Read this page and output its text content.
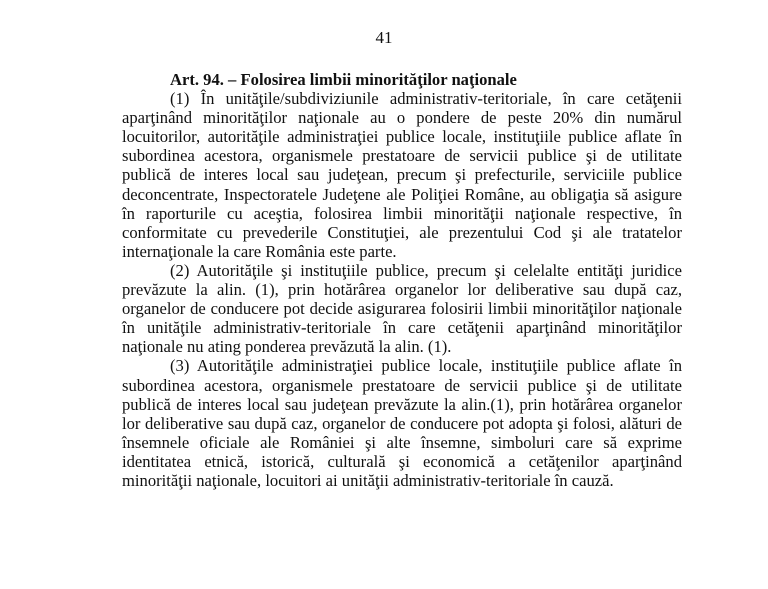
41

Art. 94. – Folosirea limbii minorităţilor naţionale

(1) În unităţile/subdiviziunile administrativ-teritoriale, în care cetăţenii aparţinând minorităţilor naţionale au o pondere de peste 20% din numărul locuitorilor, autorităţile administraţiei publice locale, instituţiile publice aflate în subordinea acestora, organismele prestatoare de servicii publice şi de utilitate publică de interes local sau judeţean, precum şi prefecturile, serviciile publice deconcentrate, Inspectoratele Judeţene ale Poliţiei Române, au obligaţia să asigure în raporturile cu aceştia, folosirea limbii minorităţii naţionale respective, în conformitate cu prevederile Constituţiei, ale prezentului Cod şi ale tratatelor internaţionale la care România este parte.

(2) Autorităţile şi instituţiile publice, precum şi celelalte entităţi juridice prevăzute la alin. (1), prin hotărârea organelor lor deliberative sau după caz, organelor de conducere pot decide asigurarea folosirii limbii minorităţilor naţionale în unităţile administrativ-teritoriale în care cetăţenii aparţinând minorităţilor naţionale nu ating ponderea prevăzută la alin. (1).

(3) Autorităţile administraţiei publice locale, instituţiile publice aflate în subordinea acestora, organismele prestatoare de servicii publice şi de utilitate publică de interes local sau judeţean prevăzute la alin.(1), prin hotărârea organelor lor deliberative sau după caz, organelor de conducere pot adopta şi folosi, alături de însemnele oficiale ale României şi alte însemne, simboluri care să exprime identitatea etnică, istorică, culturală şi economică a cetăţenilor aparţinând minorităţii naţionale, locuitori ai unităţii administrativ-teritoriale în cauză.
